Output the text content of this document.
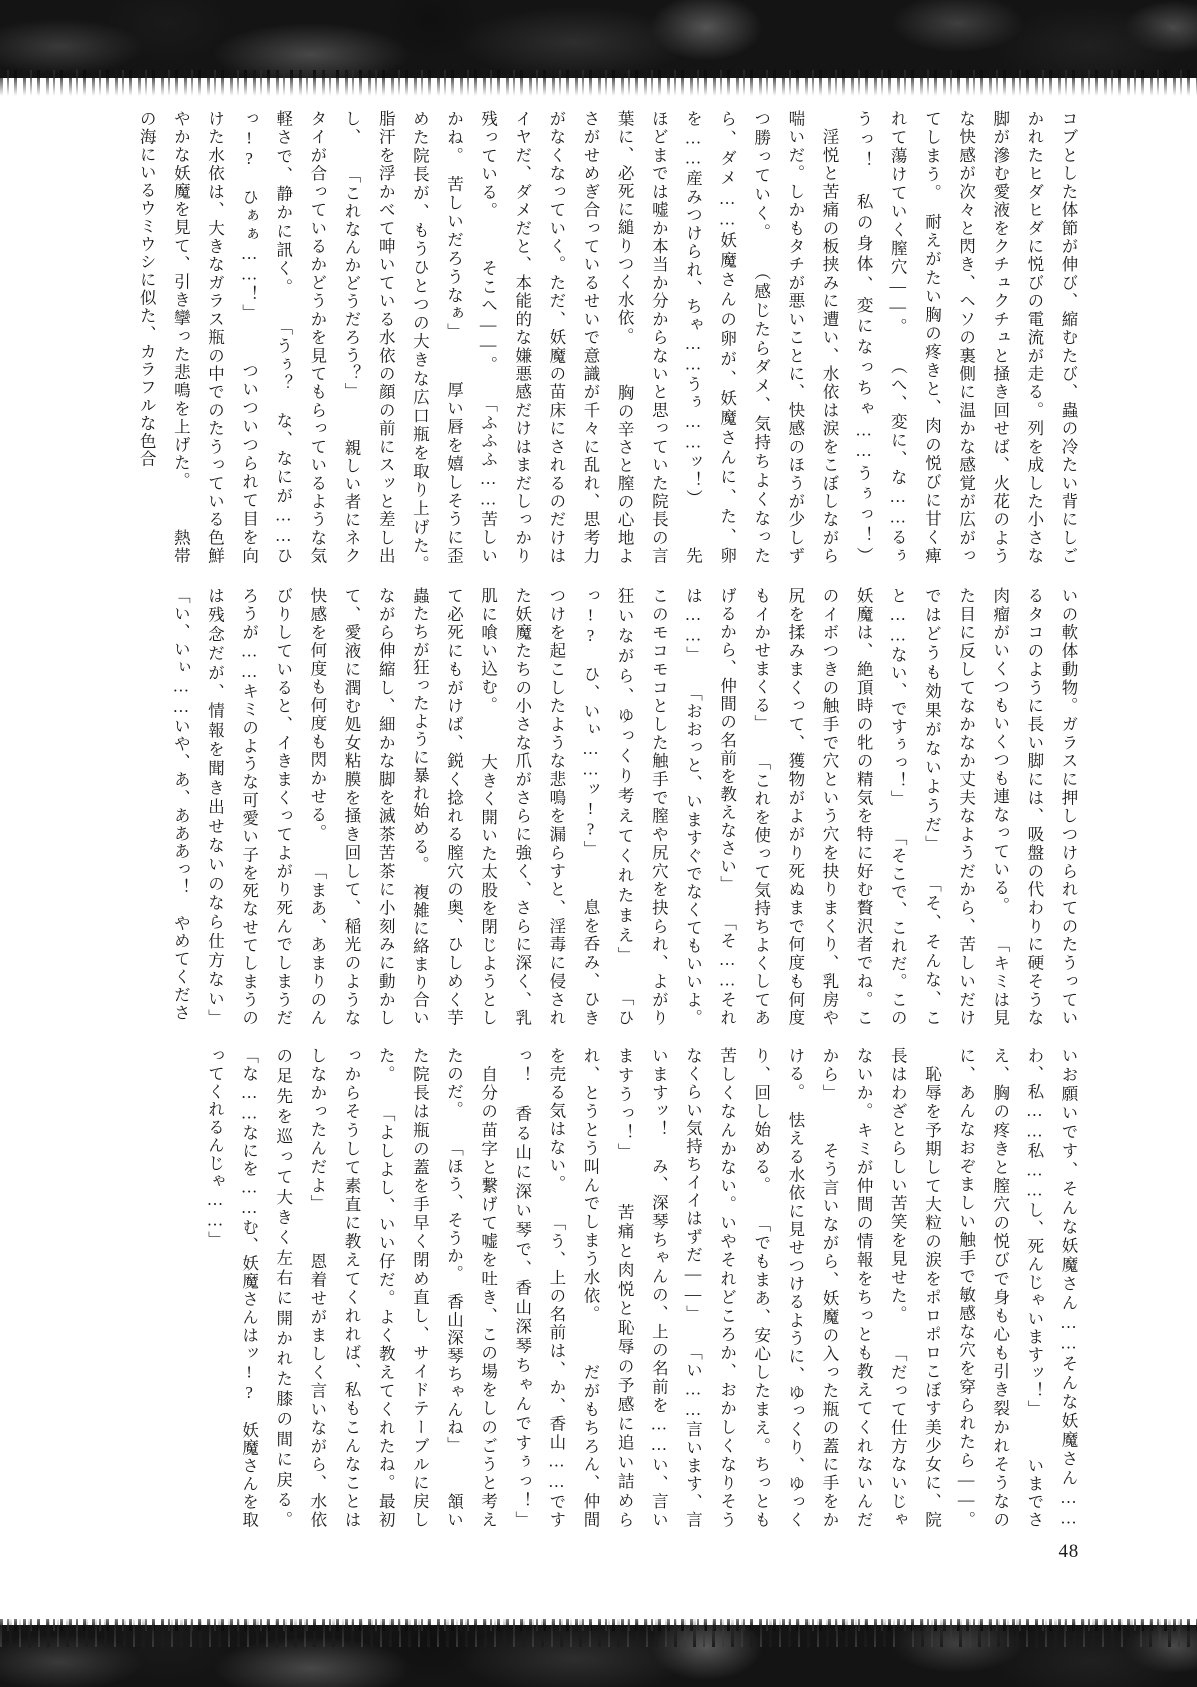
コブとした体節が伸び、縮むたび、蟲の冷たい背にしごかれたヒダヒダに悦びの電流が走る。列を成した小さな脚が滲む愛液をクチュクチュと掻き回せば、火花のような快感が次々と閃き、ヘソの裏側に温かな感覚が広がってしまう。　耐えがたい胸の疼きと、肉の悦びに甘く痺れて蕩けていく膣穴——。 （へ、変に、な……るぅうっ！　私の身体、変になっちゃ……うぅっ！） 　淫悦と苦痛の板挟みに遭い、水依は涙をこぼしながら喘いだ。しかもタチが悪いことに、快感のほうが少しずつ勝っていく。 （感じたらダメ、気持ちよくなったら、ダメ……妖魔さんの卵が、妖魔さんに、た、卵を……産みつけられ、ちゃ……うぅ……ッ！） 　先ほどまでは嘘か本当か分からないと思っていた院長の言葉に、必死に縋りつく水依。 　胸の辛さと膣の心地よさがせめぎ合っているせいで意識が千々に乱れ、思考力がなくなっていく。ただ、妖魔の苗床にされるのだけはイヤだ、ダメだと、本能的な嫌悪感だけはまだしっかり残っている。 　そこへ——。 「ふふふ……苦しいかね。　苦しいだろうなぁ」 　厚い唇を嬉しそうに歪めた院長が、もうひとつの大きな広口瓶を取り上げた。　脂汗を浮かべて呻いている水依の顔の前にスッと差し出し、 「これなんかどうだろう？」 　親しい者にネクタイが合っているかどうかを見てもらっているような気軽さで、静かに訊く。 「うぅ？　な、なにが……ひっ!?　ひぁぁ……！」 　ついついつられて目を向けた水依は、大きなガラス瓶の中でのたうっている色鮮やかな妖魔を見て、引き攣った悲鳴を上げた。 　熱帯の海にいるウミウシに似た、カラフルな色合

いの軟体動物。ガラスに押しつけられてのたうっているタコのように長い脚には、吸盤の代わりに硬そうな肉瘤がいくつもいくつも連なっている。 「キミは見た目に反してなかなか丈夫なようだから、苦しいだけではどうも効果がないようだ」 「そ、そんな、こと……ない、ですぅっ！」 「そこで、これだ。この妖魔は、絶頂時の牝の精気を特に好む贅沢者でね。このイボつきの触手で穴という穴を抉りまくり、乳房や尻を揉みまくって、獲物がよがり死ぬまで何度も何度もイかせまくる」 「これを使って気持ちよくしてあげるから、仲間の名前を教えなさい」 「そ……それは……」 「おおっと、いますぐでなくてもいいよ。このモコモコとした触手で膣や尻穴を抉られ、よがり狂いながら、ゆっくり考えてくれたまえ」 「ひっ!?　ひ、いぃ……ッ!?」 　息を呑み、ひきつけを起こしたような悲鳴を漏らすと、淫毒に侵された妖魔たちの小さな爪がさらに強く、さらに深く、乳肌に喰い込む。 　大きく開いた太股を閉じようとして必死にもがけば、鋭く捻れる膣穴の奥、ひしめく芋蟲たちが狂ったように暴れ始める。　複雑に絡まり合いながら伸縮し、細かな脚を滅茶苦茶に小刻みに動かして、愛液に潤む処女粘膜を掻き回して、稲光のような快感を何度も何度も閃かせる。 「まあ、あまりのんびりしていると、イきまくってよがり死んでしまうだろうが……キミのような可愛い子を死なせてしまうのは残念だが、情報を聞き出せないのなら仕方ない」 「い、いぃ……いや、あ、あああっ！　やめてくださ

いお願いです、そんな妖魔さん……そんな妖魔さん……わ、私……私……し、死んじゃいますッ！」 　いまでさえ、胸の疼きと膣穴の悦びで身も心も引き裂かれそうなのに、あんなおぞましい触手で敏感な穴を穿られたら——。 　恥辱を予期して大粒の涙をポロポロこぼす美少女に、院長はわざとらしい苦笑を見せた。 「だって仕方ないじゃないか。キミが仲間の情報をちっとも教えてくれないんだから」 　そう言いながら、妖魔の入った瓶の蓋に手をかける。　怯える水依に見せつけるように、ゆっくり、ゆっくり、回し始める。 「でもまあ、安心したまえ。ちっとも苦しくなんかない。いやそれどころか、おかしくなりそうなくらい気持ちイイはずだ——」 「い……言います、言いますッ！　み、深琴ちゃんの、上の名前を……い、言いますうっ！」 　苦痛と肉悦と恥辱の予感に追い詰められ、とうとう叫んでしまう水依。 　だがもちろん、仲間を売る気はない。 「う、上の名前は、か、香山……ですっ！　香る山に深い琴で、香山深琴ちゃんですぅっ！」 　自分の苗字と繋げて嘘を吐き、この場をしのごうと考えたのだ。 「ほう、そうか。　香山深琴ちゃんね」 　頷いた院長は瓶の蓋を手早く閉め直し、サイドテーブルに戻した。 「よしよし、いい仔だ。よく教えてくれたね。最初っからそうして素直に教えてくれれば、私もこんなことはしなかったんだよ」 　恩着せがましく言いながら、水依の足先を巡って大きく左右に開かれた膝の間に戻る。 「な……なにを……む、妖魔さんはッ!?　妖魔さんを取ってくれるんじゃ……」

48
